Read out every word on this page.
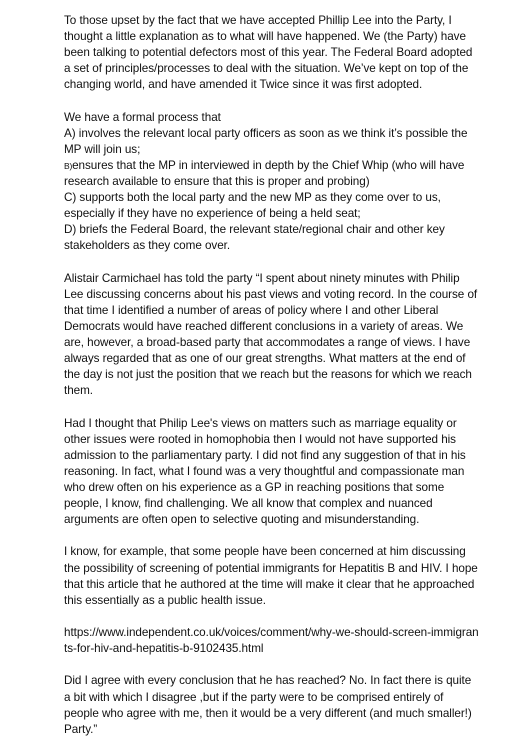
To those upset by the fact that we have accepted Phillip Lee into the Party, I thought a little explanation as to what will have happened. We (the Party) have been talking to potential defectors most of this year. The Federal Board adopted a set of principles/processes to deal with the situation. We’ve kept on top of the changing world, and have amended it Twice since it was first adopted.

We have a formal process that
A) involves the relevant local party officers as soon as we think it’s possible the MP will join us;
B)ensures that the MP in interviewed in depth by the Chief Whip (who will have research available to ensure that this is proper and probing)
C) supports both the local party and the new MP as they come over to us, especially if they have no experience of being a held seat;
D) briefs the Federal Board, the relevant state/regional chair and other key stakeholders as they come over.

Alistair Carmichael has told the party “I spent about ninety minutes with Philip Lee discussing concerns about his past views and voting record. In the course of that time I identified a number of areas of policy where I and other Liberal Democrats would have reached different conclusions in a variety of areas. We are, however, a broad-based party that accommodates a range of views. I have always regarded that as one of our great strengths. What matters at the end of the day is not just the position that we reach but the reasons for which we reach them.

Had I thought that Philip Lee's views on matters such as marriage equality or other issues were rooted in homophobia then I would not have supported his admission to the parliamentary party. I did not find any suggestion of that in his reasoning. In fact, what I found was a very thoughtful and compassionate man who drew often on his experience as a GP in reaching positions that some people, I know, find challenging. We all know that complex and nuanced arguments are often open to selective quoting and misunderstanding.

I know, for example, that some people have been concerned at him discussing the possibility of screening of potential immigrants for Hepatitis B and HIV. I hope that this article that he authored at the time will make it clear that he approached this essentially as a public health issue.

https://www.independent.co.uk/voices/comment/why-we-should-screen-immigrants-for-hiv-and-hepatitis-b-9102435.html

Did I agree with every conclusion that he has reached? No. In fact there is quite a bit with which I disagree ,but if the party were to be comprised entirely of people who agree with me, then it would be a very different (and much smaller!) Party.”
